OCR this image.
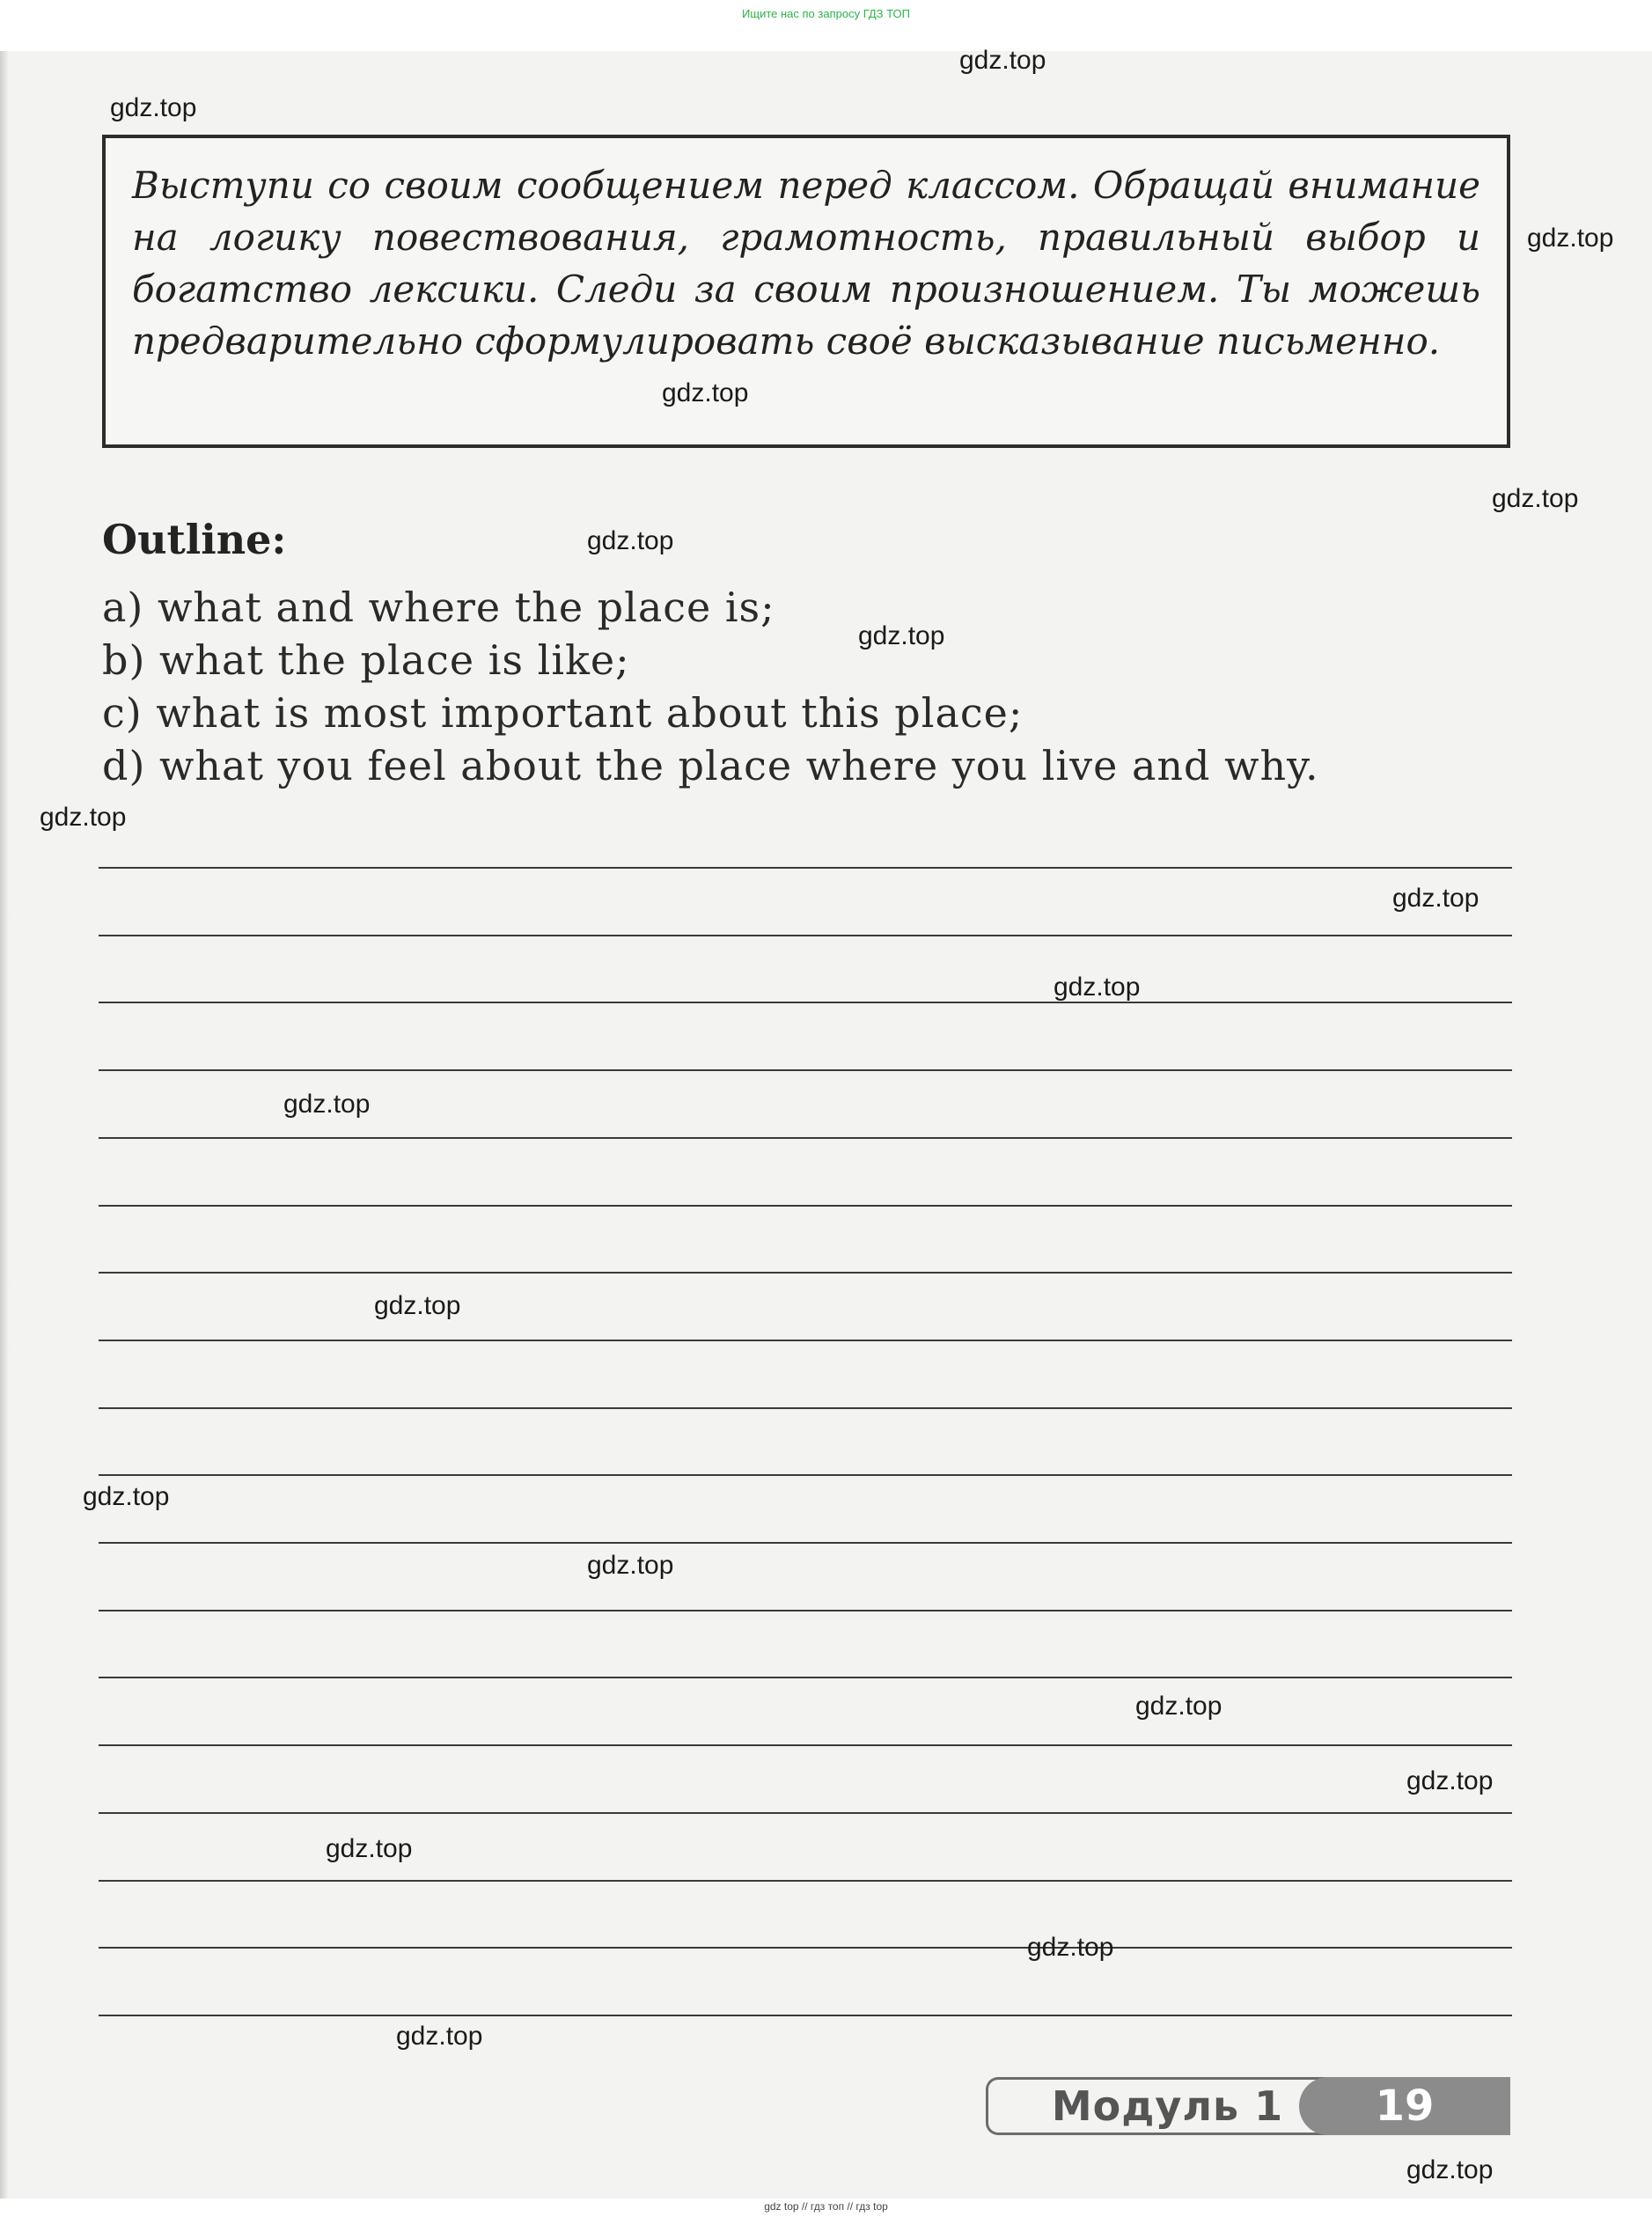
Ищите нас по запросу ГДЗ ТОП

Выступи со своим сообщением перед классом. Обращай внимание на логику повествования, грамотность, правильный выбор и богатство лексики. Следи за своим произношением. Ты можешь предварительно сформулировать своё высказывание письменно.

Outline:
a) what and where the place is;
b) what the place is like;
c) what is most important about this place;
d) what you feel about the place where you live and why.
Модуль 1	19
gdz top // гдз топ // гдз top
gdz.top
gdz.top
gdz.top
gdz.top
gdz.top
gdz.top
gdz.top
gdz.top
gdz.top
gdz.top
gdz.top
gdz.top
gdz.top
gdz.top
gdz.top
gdz.top
gdz.top
gdz.top
gdz.top
gdz.top
